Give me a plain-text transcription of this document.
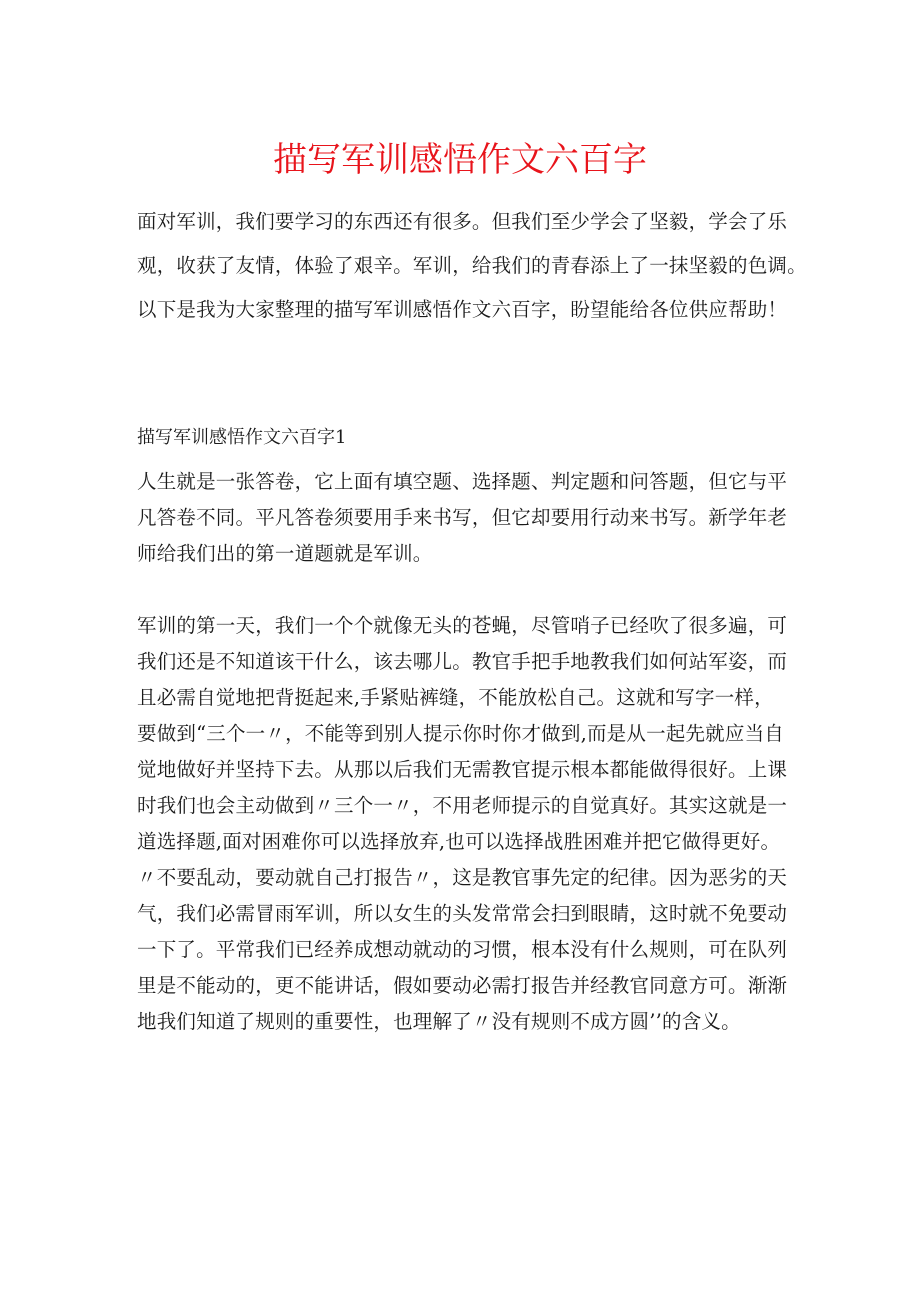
描写军训感悟作文六百字
面对军训，我们要学习的东西还有很多。但我们至少学会了坚毅，学会了乐
观，收获了友情，体验了艰辛。军训，给我们的青春添上了一抹坚毅的色调。
以下是我为大家整理的描写军训感悟作文六百字，盼望能给各位供应帮助！
描写军训感悟作文六百字1
人生就是一张答卷，它上面有填空题、选择题、判定题和问答题，但它与平
凡答卷不同。平凡答卷须要用手来书写，但它却要用行动来书写。新学年老
师给我们出的第一道题就是军训。
军训的第一天，我们一个个就像无头的苍蝇，尽管哨子已经吹了很多遍，可
我们还是不知道该干什么，该去哪儿。教官手把手地教我们如何站军姿，而
且必需自觉地把背挺起来,手紧贴裤缝，不能放松自己。这就和写字一样，
要做到“三个一〃，不能等到别人提示你时你才做到,而是从一起先就应当自
觉地做好并坚持下去。从那以后我们无需教官提示根本都能做得很好。上课
时我们也会主动做到〃三个一〃，不用老师提示的自觉真好。其实这就是一
道选择题,面对困难你可以选择放弃,也可以选择战胜困难并把它做得更好。
〃不要乱动，要动就自己打报告〃，这是教官事先定的纪律。因为恶劣的天
气，我们必需冒雨军训，所以女生的头发常常会扫到眼睛，这时就不免要动
一下了。平常我们已经养成想动就动的习惯，根本没有什么规则，可在队列
里是不能动的，更不能讲话，假如要动必需打报告并经教官同意方可。渐渐
地我们知道了规则的重要性，也理解了〃没有规则不成方圆’’的含义。
